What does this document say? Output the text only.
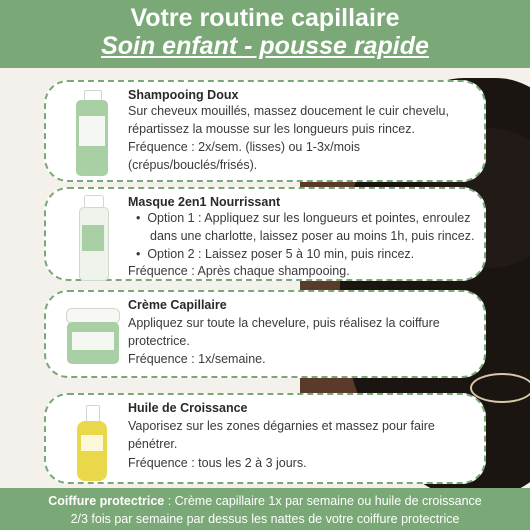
Votre routine capillaire
Soin enfant - pousse rapide
Shampooing Doux
Sur cheveux mouillés, massez doucement le cuir chevelu,
répartissez la mousse sur les longueurs puis rincez.
Fréquence : 2x/sem. (lisses) ou 1-3x/mois
(crépus/bouclés/frisés).
Masque 2en1 Nourrissant
•  Option 1 : Appliquez sur les longueurs et pointes, enroulez
dans une charlotte, laissez poser au moins 1h, puis rincez.
•  Option 2 : Laissez poser 5 à 10 min, puis rincez.
Fréquence : Après chaque shampooing.
Crème Capillaire
Appliquez sur toute la chevelure, puis réalisez la coiffure
protectrice.
Fréquence : 1x/semaine.
Huile de Croissance
Vaporisez sur les zones dégarnies et massez pour faire
pénétrer.
Fréquence : tous les 2 à 3 jours.
Coiffure protectrice : Crème capillaire 1x par semaine ou huile de croissance
2/3 fois par semaine par dessus les nattes de votre coiffure protectrice
